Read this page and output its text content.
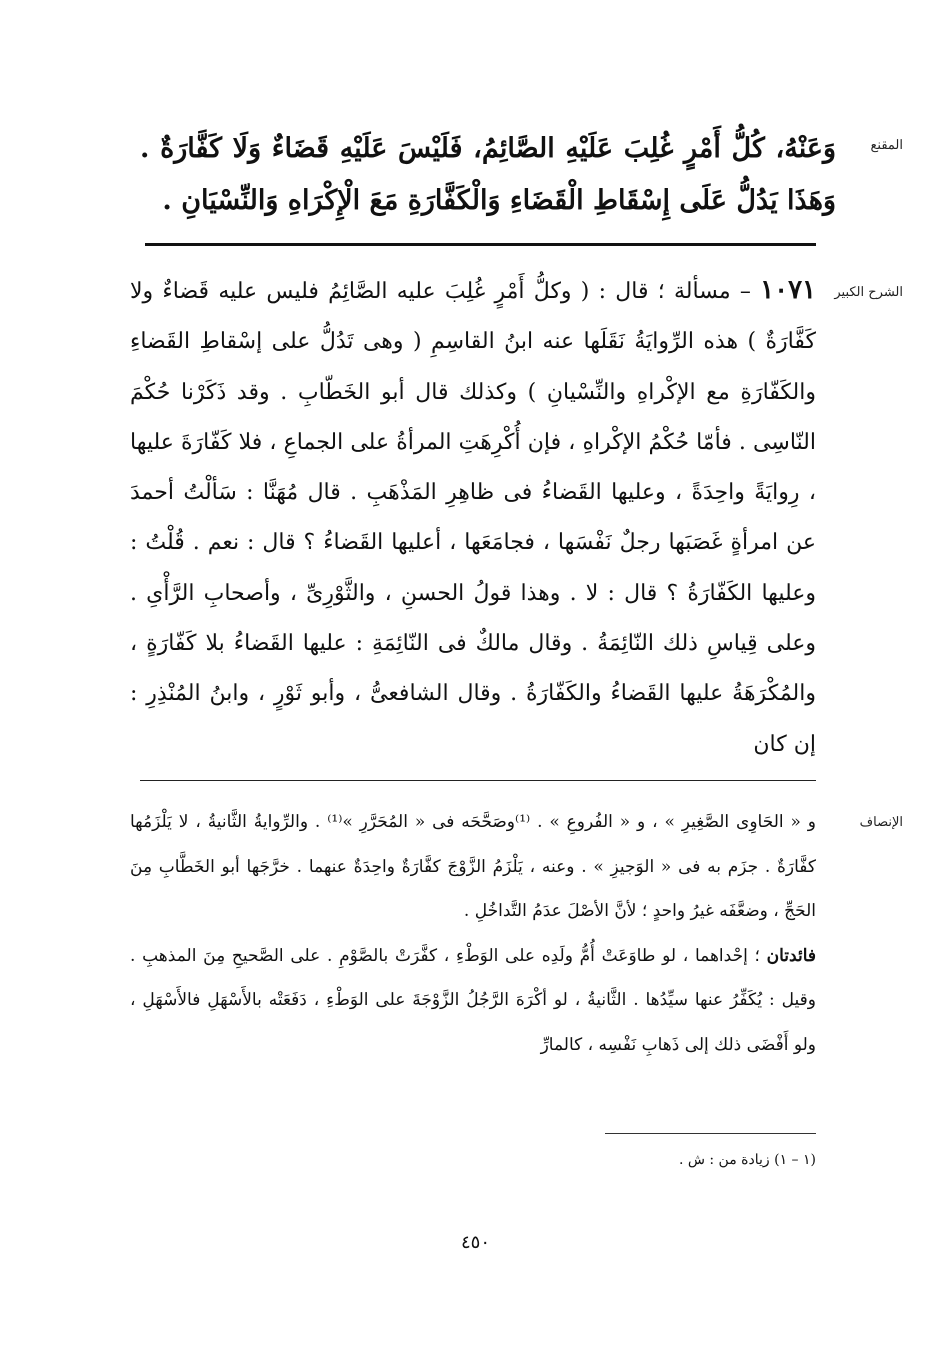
المقنع
وَعَنْهُ، كُلُّ أَمْرٍ غُلِبَ عَلَيْهِ الصَّائِمُ، فَلَيْسَ عَلَيْهِ قَضَاءٌ وَلَا كَفَّارَةٌ . وَهَذَا يَدُلُّ عَلَى إِسْقَاطِ الْقَضَاءِ وَالْكَفَّارَةِ مَعَ الْإِكْرَاهِ وَالنِّسْيَانِ .
الشرح الكبير
١٠٧١ – مسألة ؛ قال : ( وكلُّ أَمْرٍ غُلِبَ عليه الصَّائِمُ فليس عليه قَضاءٌ ولا كَفَّارَةٌ ) هذه الرِّوايَةُ نَقَلَها عنه ابنُ القاسِمِ ( وهى تَدُلُّ على إسْقاطِ القَضاءِ والكَفّارَةِ مع الإكْراهِ والنِّسْيانِ ) وكذلك قال أبو الخَطّابِ . وقد ذَكَرْنا حُكْمَ النّاسِى . فأمّا حُكْمُ الإكْراهِ ، فإن أُكْرِهَتِ المرأةُ على الجماعِ ، فلا كَفّارَةَ عليها ، رِوايَةً واحِدَةً ، وعليها القَضاءُ فى ظاهِرِ المَذْهَبِ . قال مُهَنَّا : سَألْتُ أحمدَ عن امرأةٍ غَصَبَها رجلٌ نَفْسَها ، فجامَعَها ، أعليها القَضاءُ ؟ قال : نعم . قُلْتُ : وعليها الكَفّارَةُ ؟ قال : لا . وهذا قولُ الحسنِ ، والثَّوْرِىِّ ، وأصحابِ الرَّأْىِ . وعلى قِياسِ ذلك النّائِمَةُ . وقال مالكٌ فى النّائِمَةِ : عليها القَضاءُ بلا كَفّارَةٍ ، والمُكْرَهَةُ عليها القَضاءُ والكَفّارَةُ . وقال الشافعىُّ ، وأبو ثَوْرٍ ، وابنُ المُنْذِرِ : إن كان
الإنصاف

و « الحَاوِى الصَّغِيرِ » ، و « الفُروعِ » . ⁽¹⁾وصَحَّحَه فى « المُحَرَّرِ »⁽¹⁾ . والرِّوايةُ الثَّانيةُ ، لا يَلْزَمُها كفَّارَةٌ . جزَم به فى « الوَجيزِ » . وعنه ، يَلْزَمُ الزَّوْجَ كفَّارَةٌ واحِدَةٌ عنهما . خرَّجَها أبو الخَطَّابِ مِنَ الحَجِّ ، وضعَّفَه غيرُ واحدٍ ؛ لأنَّ الأصْلَ عدَمُ التَّداخُلِ .

فائدتان ؛ إحْداهما ، لو طاوَعَتْ أُمُّ ولَدِه على الوَطْءِ ، كفَّرَتْ بالصَّوْمِ . على الصَّحيحِ مِنَ المذهبِ . وقيل : يُكَفِّرُ عنها سيِّدُها . الثَّانيةُ ، لو أكْرَهَ الرَّجُلُ الزَّوْجَةَ على الوَطْءِ ، دَفَعَتْه بالأَسْهَلِ فالأَسْهَلِ ، ولو أَفْضَى ذلك إلى ذَهابِ نَفْسِه ، كالمارِّ

(١ – ١) زيادة من : ش .
٤٥٠
